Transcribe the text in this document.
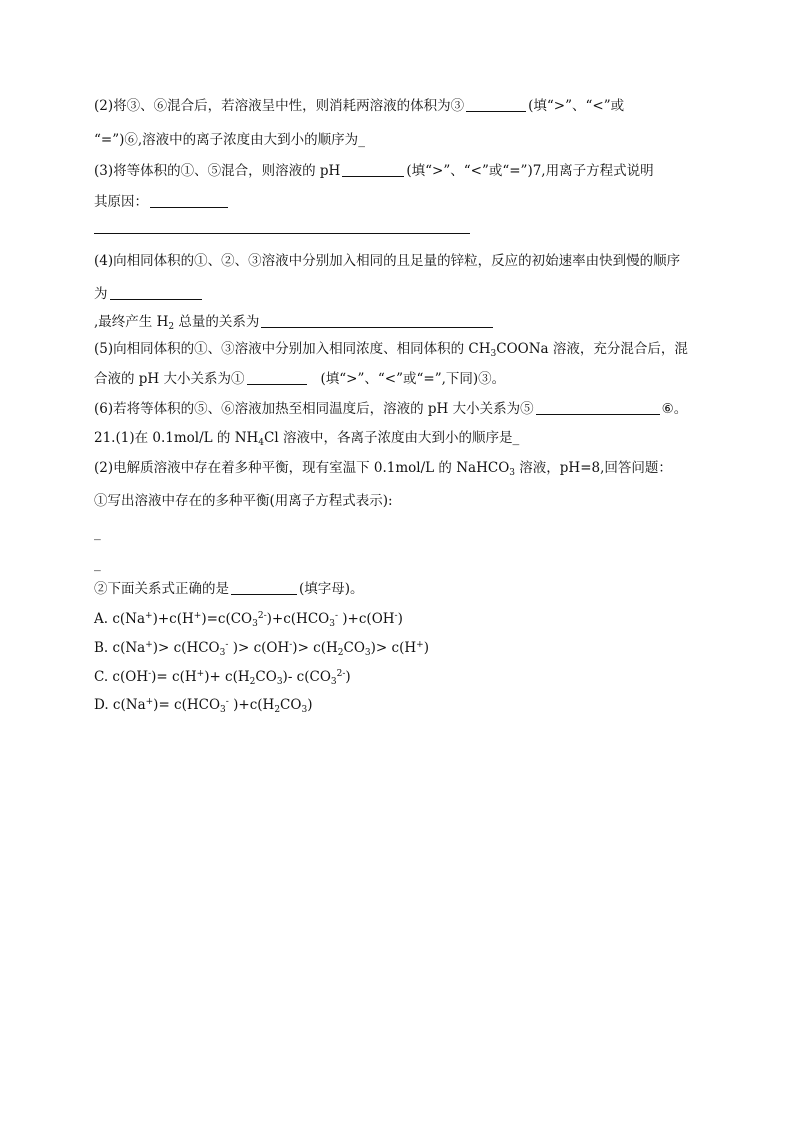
(2)将③、⑥混合后，若溶液呈中性，则消耗两溶液的体积为③	(填“>”、“<”或
“=”)⑥,溶液中的离子浓度由大到小的顺序为_
(3)将等体积的①、⑤混合，则溶液的 pH	(填“>”、“<”或“=”)7,用离子方程式说明
其原因：
(4)向相同体积的①、②、③溶液中分别加入相同的且足量的锌粒，反应的初始速率由快到慢的顺序
为
,最终产生 $H_2$ 总量的关系为
(5)向相同体积的①、③溶液中分别加入相同浓度、相同体积的 $CH_3COONa$ 溶液，充分混合后，混
合液的 pH 大小关系为①	(填“>”、“<”或“=”,下同)③。
(6)若将等体积的⑤、⑥溶液加热至相同温度后，溶液的 pH 大小关系为⑤	⑥。
21.(1)在 0.1mol/L 的 $NH_4Cl$ 溶液中，各离子浓度由大到小的顺序是_
(2)电解质溶液中存在着多种平衡，现有室温下 0.1mol/L 的 NaHCO$_3$ 溶液，pH=8,回答问题：
①写出溶液中存在的多种平衡(用离子方程式表示):
_
_
②下面关系式正确的是	(填字母)。
A. $c(Na^+)+c(H^+)=c(CO_3^{2-})+c(HCO_3^-$ )+c(OH-)
B. $c(Na^+)> c(HCO_3^-$ )> $c(OH^-)> c(H_2CO_3)> c(H^+)$
C. $c(OH^-)= c(H^+)+ c(H_2CO_3)-$ $c(CO_3^{2-})$
D. $c(Na^+)= c(HCO_3^-$ )$+c(H_2CO_3)$
